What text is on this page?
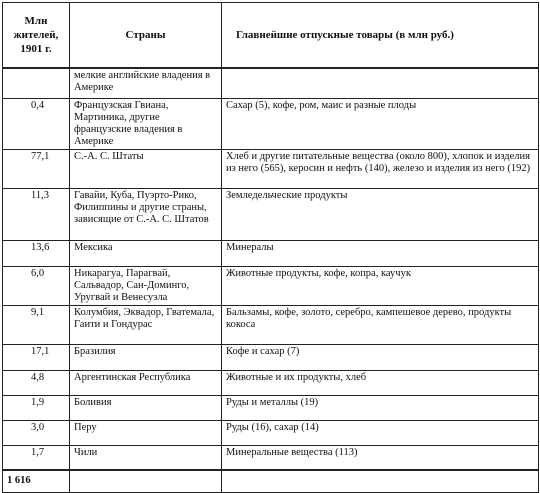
Млн
жителей,
1901 г.	Страны	Главнейшие отпускные товары (в млн руб.)
	мелкие английские владения в Америке	
0,4	Французская Гвиана, Мартиника, другие французские владения в Америке	Сахар (5), кофе, ром, маис и разные плоды
77,1	С.-А. С. Штаты	Хлеб и другие питательные вещества (около 800), хлопок и изделия из него (565), керосин и нефть (140), железо и изделия из него (192)
11,3	Гавайи, Куба, Пуэрто-Рико, Филиппины и другие страны, зависящие от С.-А. С. Штатов	Земледельческие продукты
13,6	Мексика	Минералы
6,0	Никарагуа, Парагвай, Сальвадор, Сан-Доминго, Уругвай и Венесуэла	Животные продукты, кофе, копра, каучук
9,1	Колумбия, Эквадор, Гватемала, Гаити и Гондурас	Бальзамы, кофе, золото, серебро, кампешевое дерево, продукты кокоса
17,1	Бразилия	Кофе и сахар (7)
4,8	Аргентинская Республика	Животные и их продукты, хлеб
1,9	Боливия	Руды и металлы (19)
3,0	Перу	Руды (16), сахар (14)
1,7	Чили	Минеральные вещества (113)
1 616		
